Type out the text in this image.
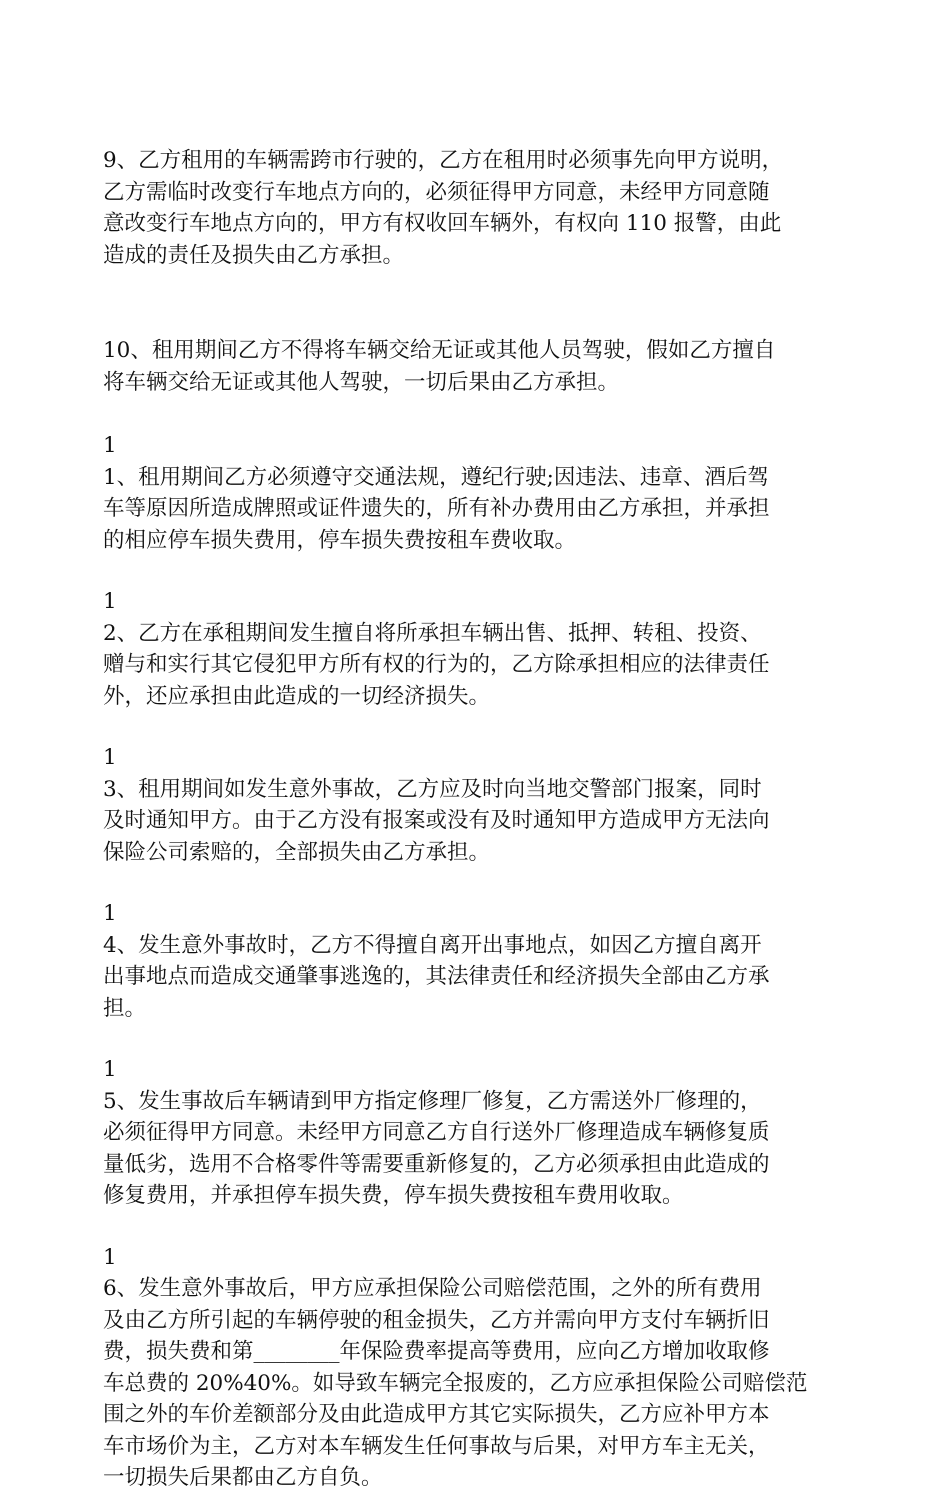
9、乙方租用的车辆需跨市行驶的，乙方在租用时必须事先向甲方说明，
乙方需临时改变行车地点方向的，必须征得甲方同意，未经甲方同意随
意改变行车地点方向的，甲方有权收回车辆外，有权向 110 报警，由此
造成的责任及损失由乙方承担。
10、租用期间乙方不得将车辆交给无证或其他人员驾驶，假如乙方擅自
将车辆交给无证或其他人驾驶，一切后果由乙方承担。
1
1、租用期间乙方必须遵守交通法规，遵纪行驶;因违法、违章、酒后驾
车等原因所造成牌照或证件遗失的，所有补办费用由乙方承担，并承担
的相应停车损失费用，停车损失费按租车费收取。
1
2、乙方在承租期间发生擅自将所承担车辆出售、抵押、转租、投资、
赠与和实行其它侵犯甲方所有权的行为的，乙方除承担相应的法律责任
外，还应承担由此造成的一切经济损失。
1
3、租用期间如发生意外事故，乙方应及时向当地交警部门报案，同时
及时通知甲方。由于乙方没有报案或没有及时通知甲方造成甲方无法向
保险公司索赔的，全部损失由乙方承担。
1
4、发生意外事故时，乙方不得擅自离开出事地点，如因乙方擅自离开
出事地点而造成交通肇事逃逸的，其法律责任和经济损失全部由乙方承
担。
1
5、发生事故后车辆请到甲方指定修理厂修复，乙方需送外厂修理的，
必须征得甲方同意。未经甲方同意乙方自行送外厂修理造成车辆修复质
量低劣，选用不合格零件等需要重新修复的，乙方必须承担由此造成的
修复费用，并承担停车损失费，停车损失费按租车费用收取。
1
6、发生意外事故后，甲方应承担保险公司赔偿范围，之外的所有费用
及由乙方所引起的车辆停驶的租金损失，乙方并需向甲方支付车辆折旧
费，损失费和第________年保险费率提高等费用，应向乙方增加收取修
车总费的 20%40%。如导致车辆完全报废的，乙方应承担保险公司赔偿范
围之外的车价差额部分及由此造成甲方其它实际损失，乙方应补甲方本
车市场价为主，乙方对本车辆发生任何事故与后果，对甲方车主无关，
一切损失后果都由乙方自负。
